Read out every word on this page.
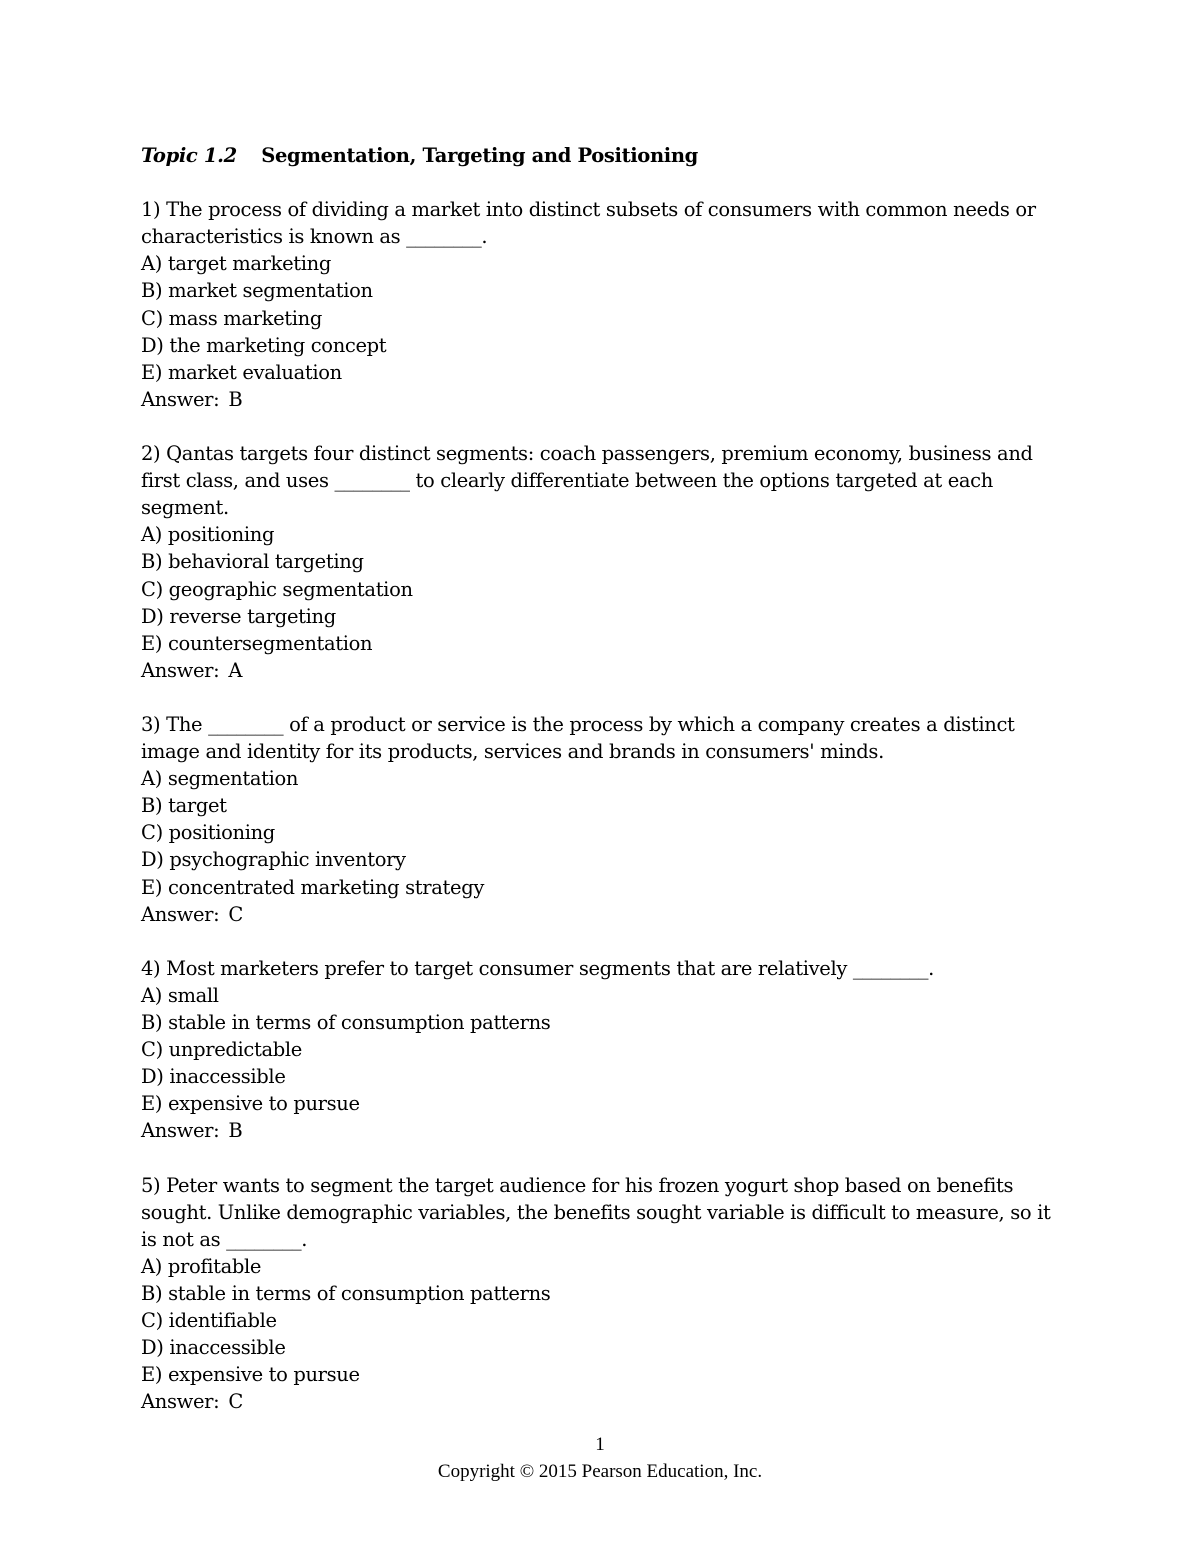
Topic 1.2 Segmentation, Targeting and Positioning

1) The process of dividing a market into distinct subsets of consumers with common needs or characteristics is known as ________.

A) target marketing

B) market segmentation

C) mass marketing

D) the marketing concept

E) market evaluation

Answer: B

2) Qantas targets four distinct segments: coach passengers, premium economy, business and first class, and uses ________ to clearly differentiate between the options targeted at each segment.

A) positioning

B) behavioral targeting

C) geographic segmentation

D) reverse targeting

E) countersegmentation

Answer: A

3) The ________ of a product or service is the process by which a company creates a distinct image and identity for its products, services and brands in consumers' minds.

A) segmentation

B) target

C) positioning

D) psychographic inventory

E) concentrated marketing strategy

Answer: C

4) Most marketers prefer to target consumer segments that are relatively ________.

A) small

B) stable in terms of consumption patterns

C) unpredictable

D) inaccessible

E) expensive to pursue

Answer: B

5) Peter wants to segment the target audience for his frozen yogurt shop based on benefits sought. Unlike demographic variables, the benefits sought variable is difficult to measure, so it is not as ________.

A) profitable

B) stable in terms of consumption patterns

C) identifiable

D) inaccessible

E) expensive to pursue

Answer: C

1
Copyright © 2015 Pearson Education, Inc.
